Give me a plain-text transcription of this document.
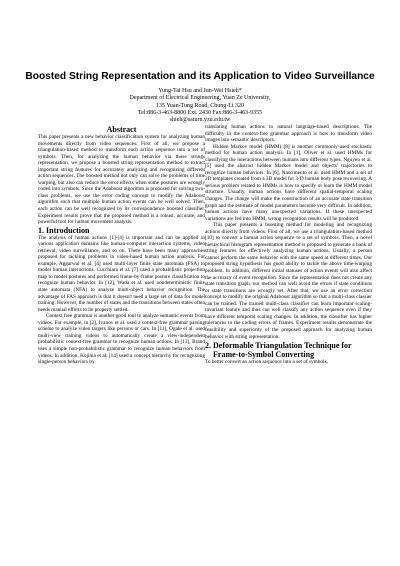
Boosted String Representation and its Application to Video Surveillance
Yung-Tai Hsu and Jun-Wei Hsieh*
Department of Electrical Engineering, Yuan Ze University,
135 Yuan-Tung Road, Chung-Li 320
Tel:886-3-463-8800 Ext. 2430 Fax:886-3-463-9355
shieh@saturn.yzu.edu.tw
Abstract

This paper presents a new behavior classification system for analyzing human movements directly from video sequences. First of all, we propose a triangulation-based method to transform each action sequence into a set of symbols. Then, for analyzing the human behavior via those strings representation, we propose a boosted string representation method to extract important string features for accurately analyzing and recognizing different action sequences. The boosted method not only can solve the problems of time warping, but also can reduce the error effects when some postures are wrongly coded into symbols. Since the Adaboost algorithm is proposed for solving two-class problems, we use the error coding concept to modify the Adaboost algorithm such that multiple human action events can be well solved. Then, each action can be well recognized by its correspondence boosted classifier. Experiment results prove that the proposed method is a robust, accurate, and powerful tool for human movement analysis.

1. Introduction

The analysis of human actions [1]-[4] is important and can be applied in various application domains like human-computer interaction systems, video retrieval, video surveillance, and so on. There have been many approaches proposed for tackling problems in video-based human action analysis. For example, Aggarwal et al. [4] used multi-layer finite state automata (FSA) to model human interactions. Cucchiara et al. [7] used a probabilistic projection map to model postures and performed frame-by-frame posture classification to recognize human behavior. In [12], Wada et al. used nondeterministic finite state automata (NFA) to analyze multi-object behavior recognition. The advantage of FAS approach is that it doesn't need a large set of data for model training. However, the number of states and the transitions between states often needs manual efforts to be properly settled.

Context free grammar is another good tool to analyze semantic events from videos. For example, in [2], Ivanov et al. used a context-free grammar parsing scheme to analyze video targets like persons or cars. In [11], Ogale et al. used multi-view training videos to automatically create a view-independent probabilistic context-free grammar to recognize human actions. In [13], Brand uses a simple non-probabilistic grammar to recognize human behaviors from videos. In addition, Kojima et al. [14] used a concept hierarchy for recognizing single-person behaviors by

translating human actions to natural language-based descriptions. The difficulty in the context-free grammar approach is how to transform video images into semantic descriptors.

Hidden Markov model (HMM) [8] is another commonly-used stochastic method for human action analysis. In [1], Oliver et al. used HMMs for classifying the interactions between humans into different types. Nguyen et al. [5] used the abstract hidden Markov model and objects' trajectories to recognize human behaviors. In [6], Nascimento et al. used HMM and a set of 2D templates created from a 3D model for 3-D human body pose recovering. A serious problem related to HMMs is how to specify or learn the HMM model structure. Usually, human actions have different spatial-temporal scaling changes. The change will make the construction of an accurate state transition graph and the estimate of model parameters become very difficult. In addition, human actions have many unexpected variations. If these unexpected variations are fed into HMM, wrong recognition results will be produced.

This paper presents a boosting method for modeling and recognizing actions directly from videos. First of all, we use a triangulation-based method [10] to convert a human action sequence to a set of symbols. Then, a novel hierarchical histogram representation method is proposed to generate a bank of string features for effectively analyzing human actions. Usually, a person cannot perform the same behavior with the same speed at different times. Our proposed string hypothesis has good ability to tackle the above time-warping problem. In addition, different initial statuses of action events will also affect the accuracy of event recognition. Since the representation does not create any state transition graph, our method can well avoid the errors if state conditions or state transitions are wrongly set. After that, we use an error correction concept to modify the original Adaboost algorithm so that a multi-class classier can be trained. The trained multi-class classifier can learn important scaling-invariant feature and thus can well classify any action sequence even if they have different temporal scaling changes. In addition, the classifier has higher tolerances to the coding errors of frames. Experiment results demonstrate the feasibility and superiority of the proposed approach for analyzing human behavior with string representation.

2. Deformable Triangulation Technique for
Frame-to-Symbol Converting

To better convert an action sequence into a set of symbols,
